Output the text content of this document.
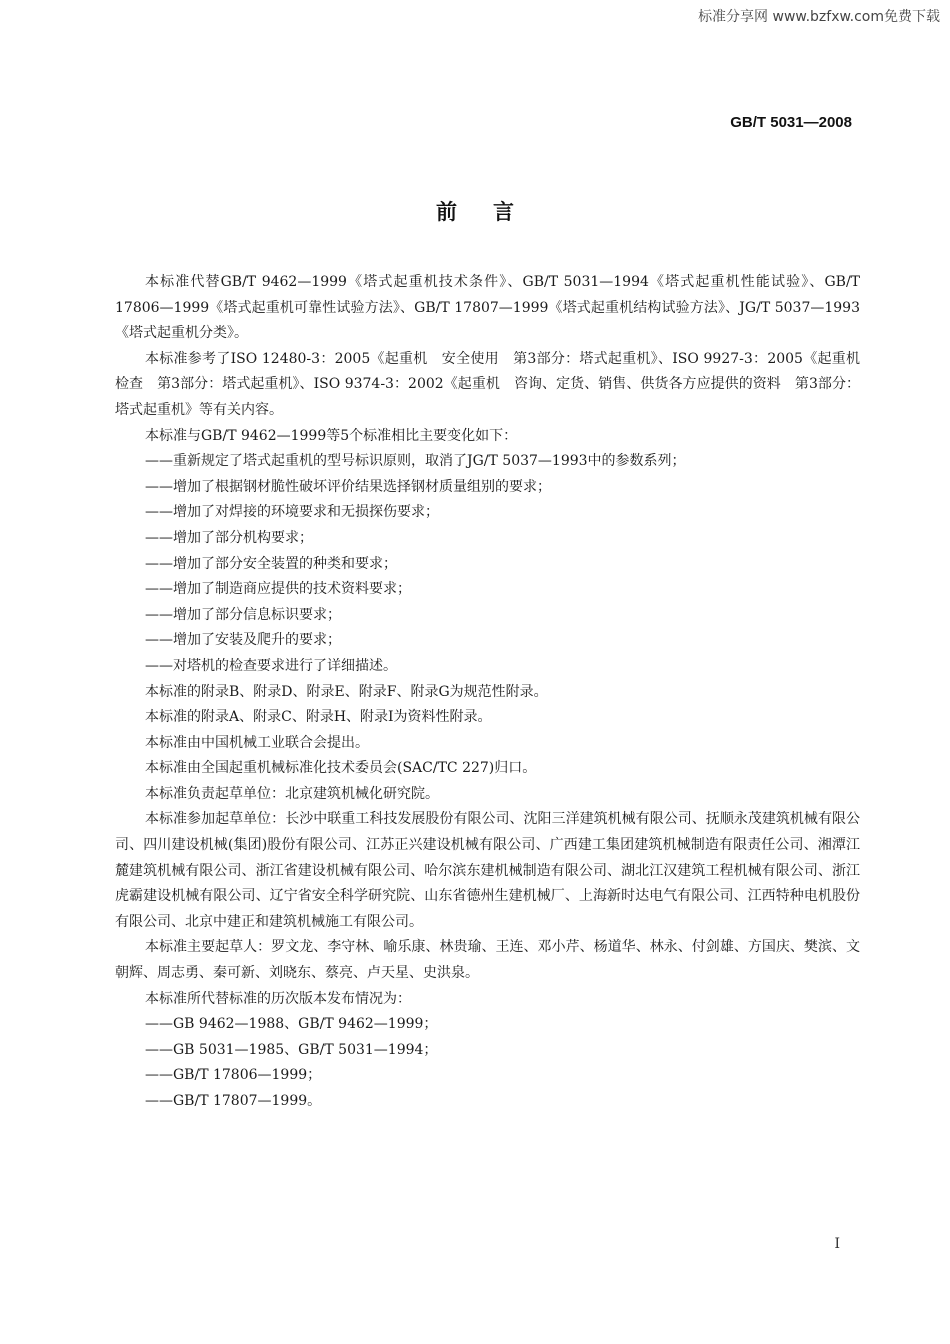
标准分享网 www.bzfxw.com免费下载
GB/T 5031—2008
前言

本标准代替GB/T 9462—1999《塔式起重机技术条件》、GB/T 5031—1994《塔式起重机性能试验》、GB/T 17806—1999《塔式起重机可靠性试验方法》、GB/T 17807—1999《塔式起重机结构试验方法》、JG/T 5037—1993《塔式起重机分类》。

本标准参考了ISO 12480-3：2005《起重机　安全使用　第3部分：塔式起重机》、ISO 9927-3：2005《起重机　检查　第3部分：塔式起重机》、ISO 9374-3：2002《起重机　咨询、定货、销售、供货各方应提供的资料　第3部分：塔式起重机》等有关内容。

本标准与GB/T 9462—1999等5个标准相比主要变化如下：

——重新规定了塔式起重机的型号标识原则，取消了JG/T 5037—1993中的参数系列；

——增加了根据钢材脆性破坏评价结果选择钢材质量组别的要求；

——增加了对焊接的环境要求和无损探伤要求；

——增加了部分机构要求；

——增加了部分安全装置的种类和要求；

——增加了制造商应提供的技术资料要求；

——增加了部分信息标识要求；

——增加了安装及爬升的要求；

——对塔机的检查要求进行了详细描述。

本标准的附录B、附录D、附录E、附录F、附录G为规范性附录。

本标准的附录A、附录C、附录H、附录I为资料性附录。

本标准由中国机械工业联合会提出。

本标准由全国起重机械标准化技术委员会(SAC/TC 227)归口。

本标准负责起草单位：北京建筑机械化研究院。

本标准参加起草单位：长沙中联重工科技发展股份有限公司、沈阳三洋建筑机械有限公司、抚顺永茂建筑机械有限公司、四川建设机械(集团)股份有限公司、江苏正兴建设机械有限公司、广西建工集团建筑机械制造有限责任公司、湘潭江麓建筑机械有限公司、浙江省建设机械有限公司、哈尔滨东建机械制造有限公司、湖北江汉建筑工程机械有限公司、浙江虎霸建设机械有限公司、辽宁省安全科学研究院、山东省德州生建机械厂、上海新时达电气有限公司、江西特种电机股份有限公司、北京中建正和建筑机械施工有限公司。

本标准主要起草人：罗文龙、李守林、喻乐康、林贵瑜、王连、邓小芹、杨道华、林永、付剑雄、方国庆、樊滨、文朝辉、周志勇、秦可新、刘晓东、蔡亮、卢天星、史洪泉。

本标准所代替标准的历次版本发布情况为：

——GB 9462—1988、GB/T 9462—1999；

——GB 5031—1985、GB/T 5031—1994；

——GB/T 17806—1999；

——GB/T 17807—1999。

I
